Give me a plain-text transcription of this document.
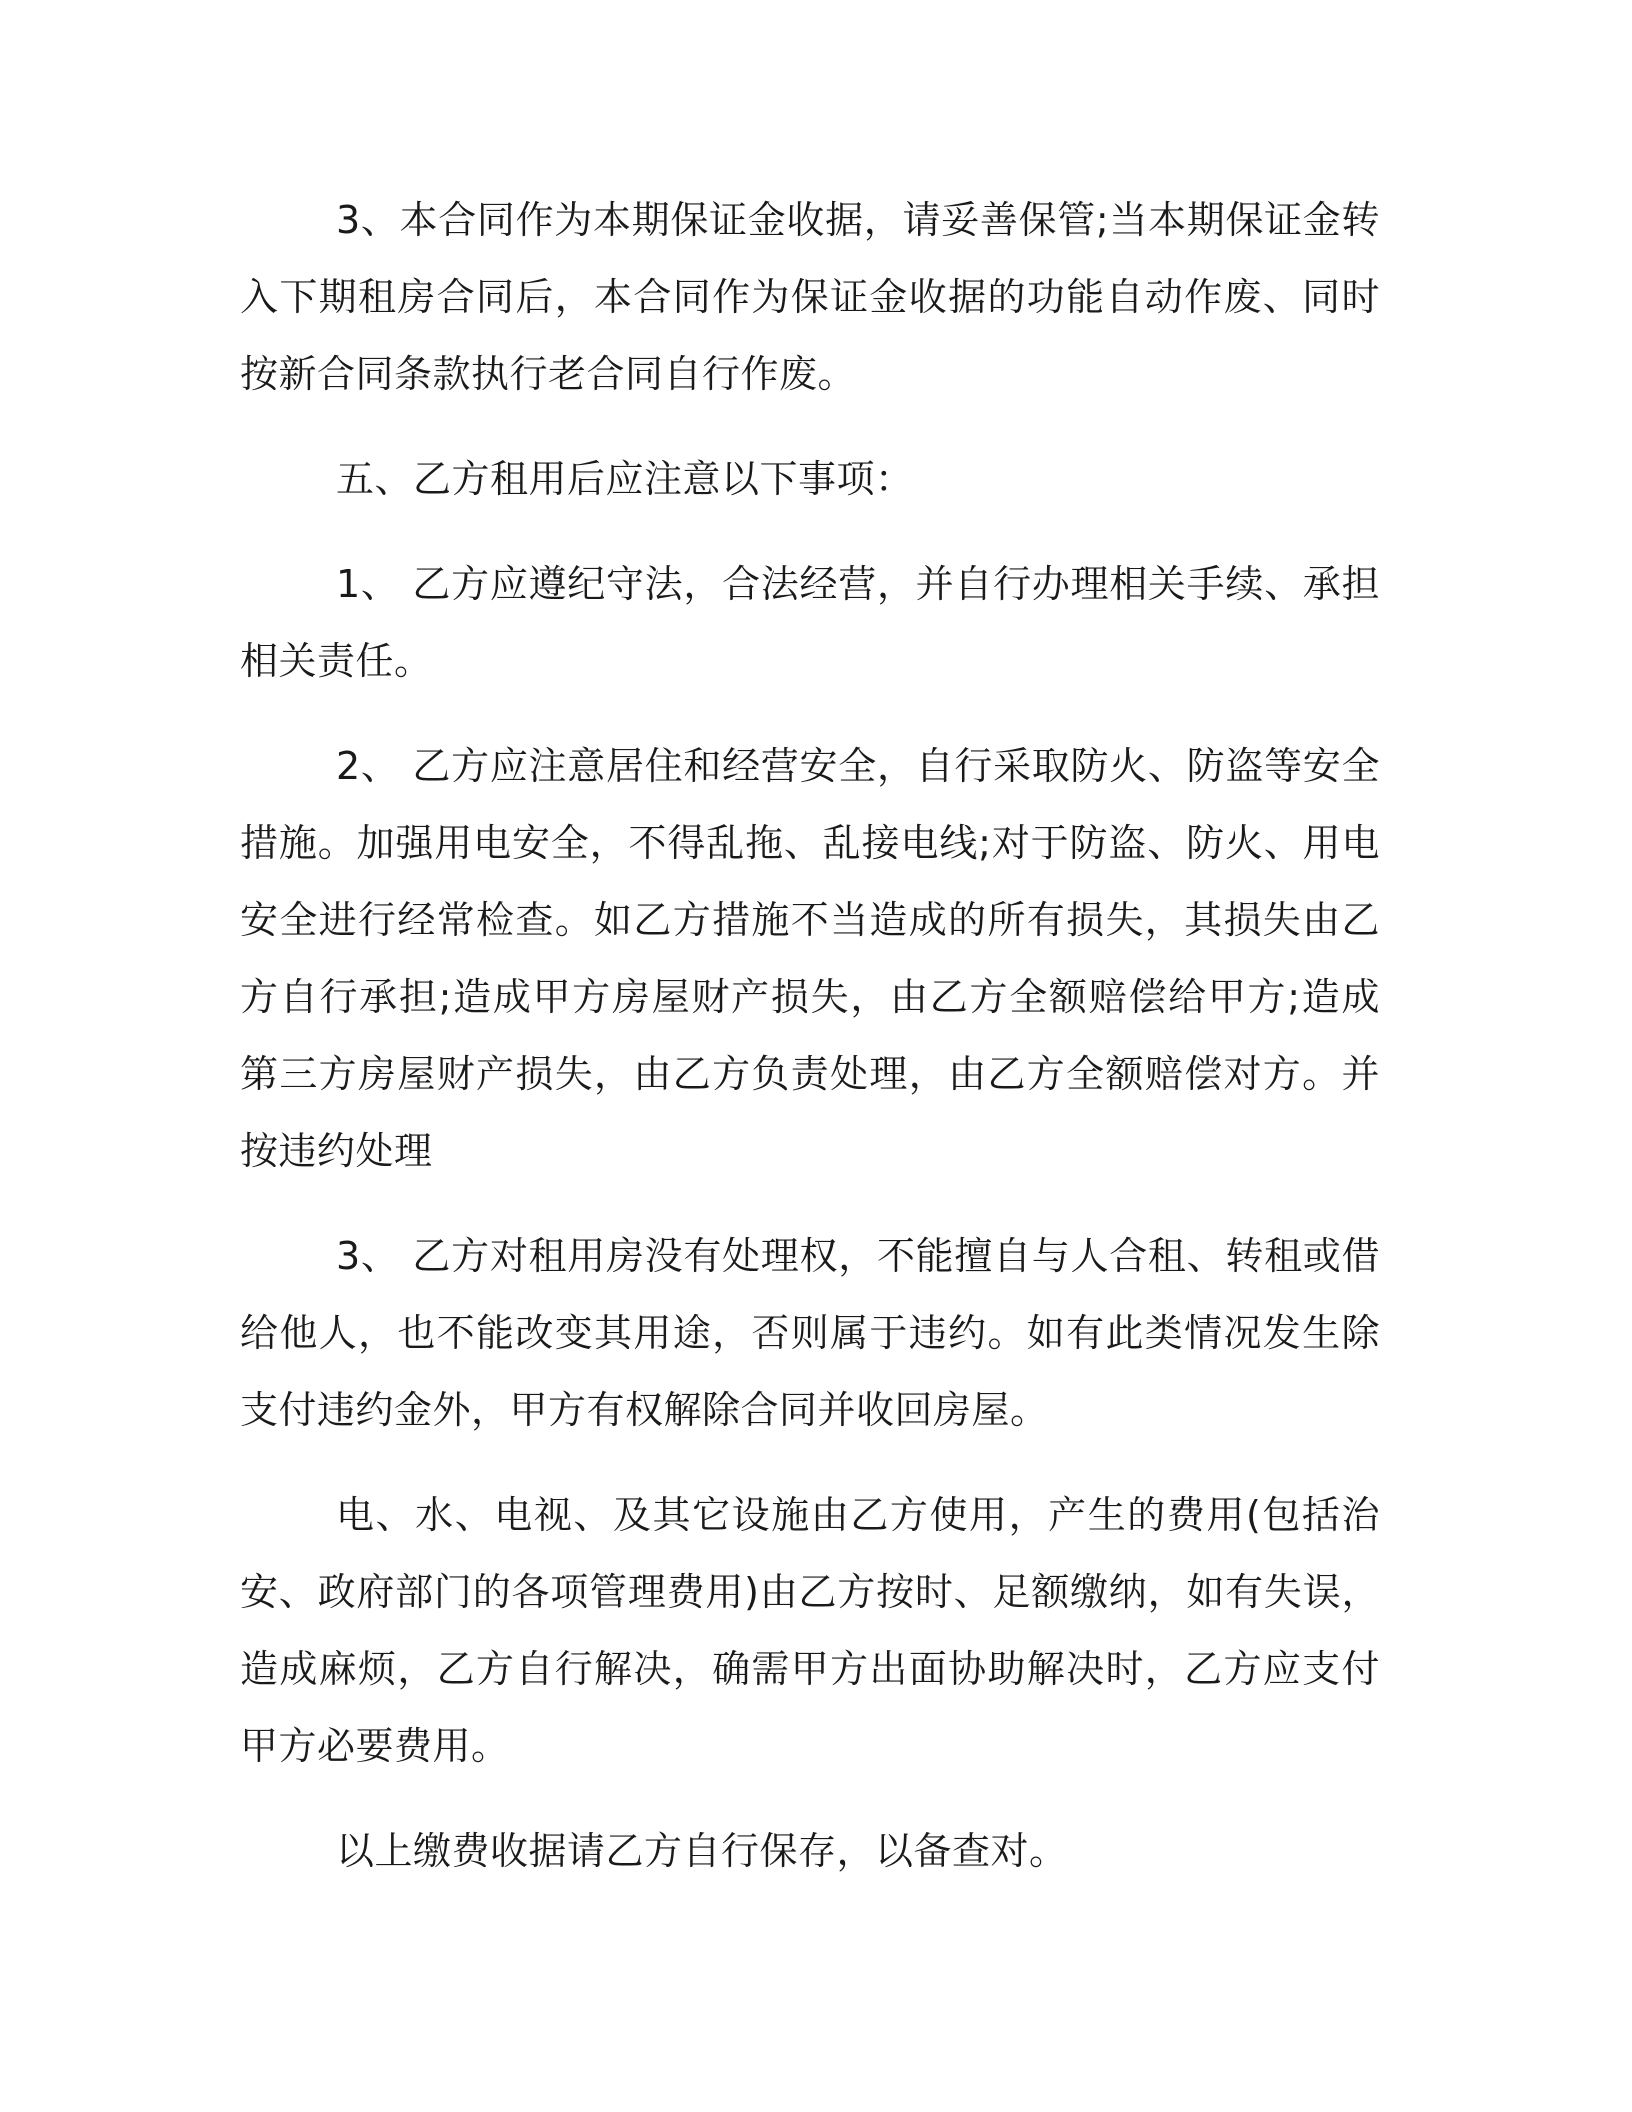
3、本合同作为本期保证金收据，请妥善保管;当本期保证金转入下期租房合同后，本合同作为保证金收据的功能自动作废、同时按新合同条款执行老合同自行作废。

五、乙方租用后应注意以下事项：

1、 乙方应遵纪守法，合法经营，并自行办理相关手续、承担相关责任。

2、 乙方应注意居住和经营安全，自行采取防火、防盗等安全措施。加强用电安全，不得乱拖、乱接电线;对于防盗、防火、用电安全进行经常检查。如乙方措施不当造成的所有损失，其损失由乙方自行承担;造成甲方房屋财产损失，由乙方全额赔偿给甲方;造成第三方房屋财产损失，由乙方负责处理，由乙方全额赔偿对方。并按违约处理

3、 乙方对租用房没有处理权，不能擅自与人合租、转租或借给他人，也不能改变其用途，否则属于违约。如有此类情况发生除支付违约金外，甲方有权解除合同并收回房屋。

电、水、电视、及其它设施由乙方使用，产生的费用(包括治安、政府部门的各项管理费用)由乙方按时、足额缴纳，如有失误，造成麻烦，乙方自行解决，确需甲方出面协助解决时，乙方应支付甲方必要费用。

以上缴费收据请乙方自行保存，以备查对。
